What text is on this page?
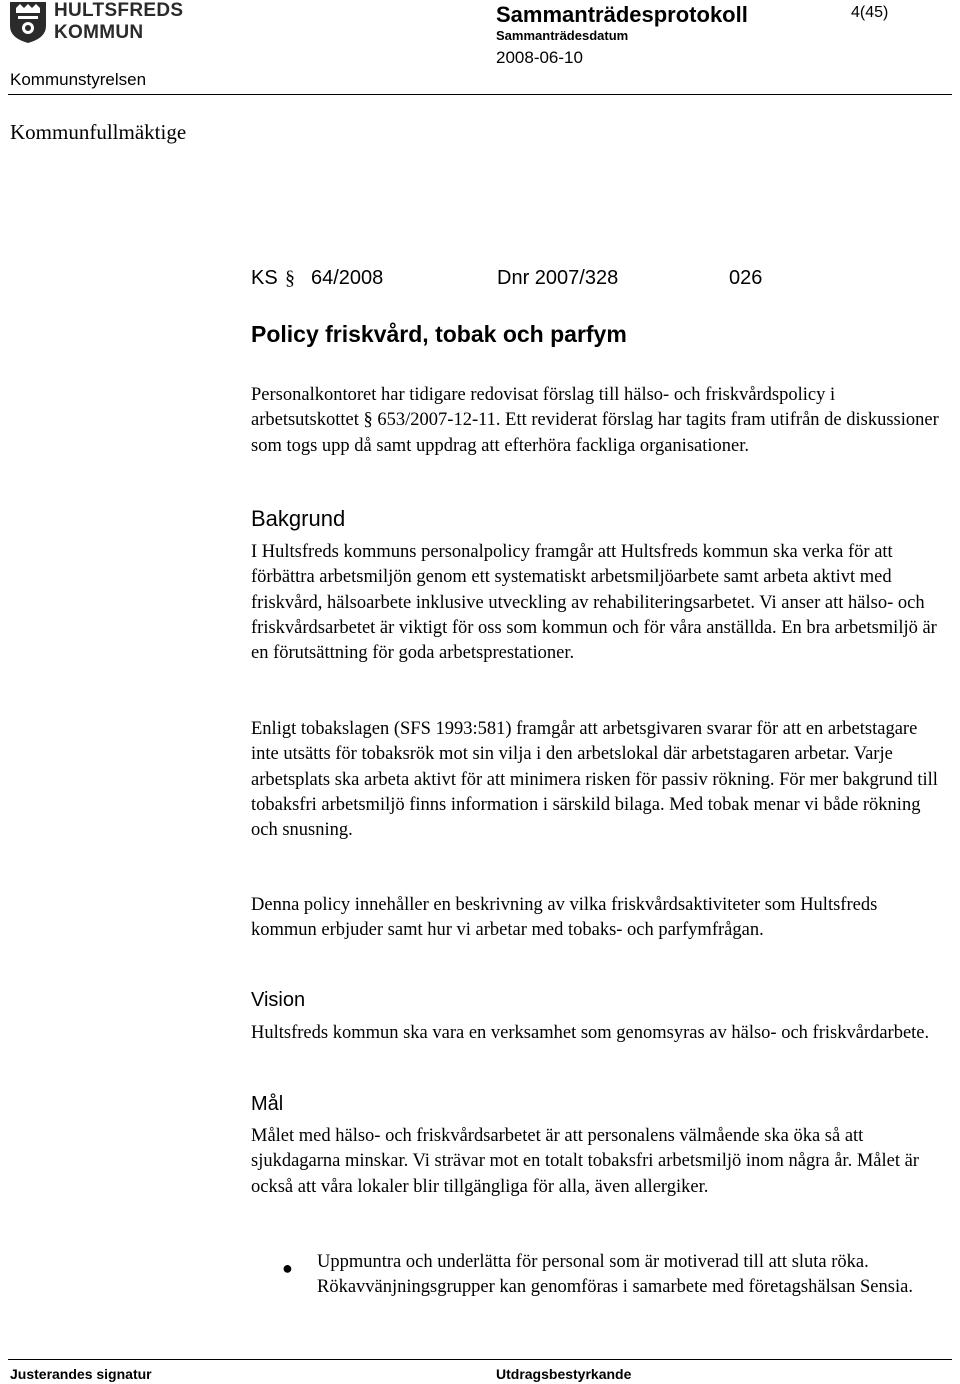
HULTSFREDS
KOMMUN
Sammanträdesprotokoll	4(45)
Sammanträdesdatum
2008-06-10
Kommunstyrelsen
Kommunfullmäktige
KS § 64/2008	Dnr 2007/328	026
Policy friskvård, tobak och parfym
Personalkontoret har tidigare redovisat förslag till hälso- och friskvårdspolicy i arbetsutskottet § 653/2007-12-11. Ett reviderat förslag har tagits fram utifrån de diskussioner som togs upp då samt uppdrag att efterhöra fackliga organisationer.
Bakgrund
I Hultsfreds kommuns personalpolicy framgår att Hultsfreds kommun ska verka för att förbättra arbetsmiljön genom ett systematiskt arbetsmiljöarbete samt arbeta aktivt med friskvård, hälsoarbete inklusive utveckling av rehabiliteringsarbetet. Vi anser att hälso- och friskvårdsarbetet är viktigt för oss som kommun och för våra anställda. En bra arbetsmiljö är en förutsättning för goda arbetsprestationer.
Enligt tobakslagen (SFS 1993:581) framgår att arbetsgivaren svarar för att en arbetstagare inte utsätts för tobaksrök mot sin vilja i den arbetslokal där arbetstagaren arbetar. Varje arbetsplats ska arbeta aktivt för att minimera risken för passiv rökning. För mer bakgrund till tobaksfri arbetsmiljö finns information i särskild bilaga. Med tobak menar vi både rökning och snusning.
Denna policy innehåller en beskrivning av vilka friskvårdsaktiviteter som Hultsfreds kommun erbjuder samt hur vi arbetar med tobaks- och parfymfrågan.
Vision
Hultsfreds kommun ska vara en verksamhet som genomsyras av hälso- och friskvårdarbete.
Mål
Målet med hälso- och friskvårdsarbetet är att personalens välmående ska öka så att sjukdagarna minskar. Vi strävar mot en totalt tobaksfri arbetsmiljö inom några år. Målet är också att våra lokaler blir tillgängliga för alla, även allergiker.
● Uppmuntra och underlätta för personal som är motiverad till att sluta röka. Rökavvänjningsgrupper kan genomföras i samarbete med företagshälsan Sensia.
Justerandes signatur	Utdragsbestyrkande
